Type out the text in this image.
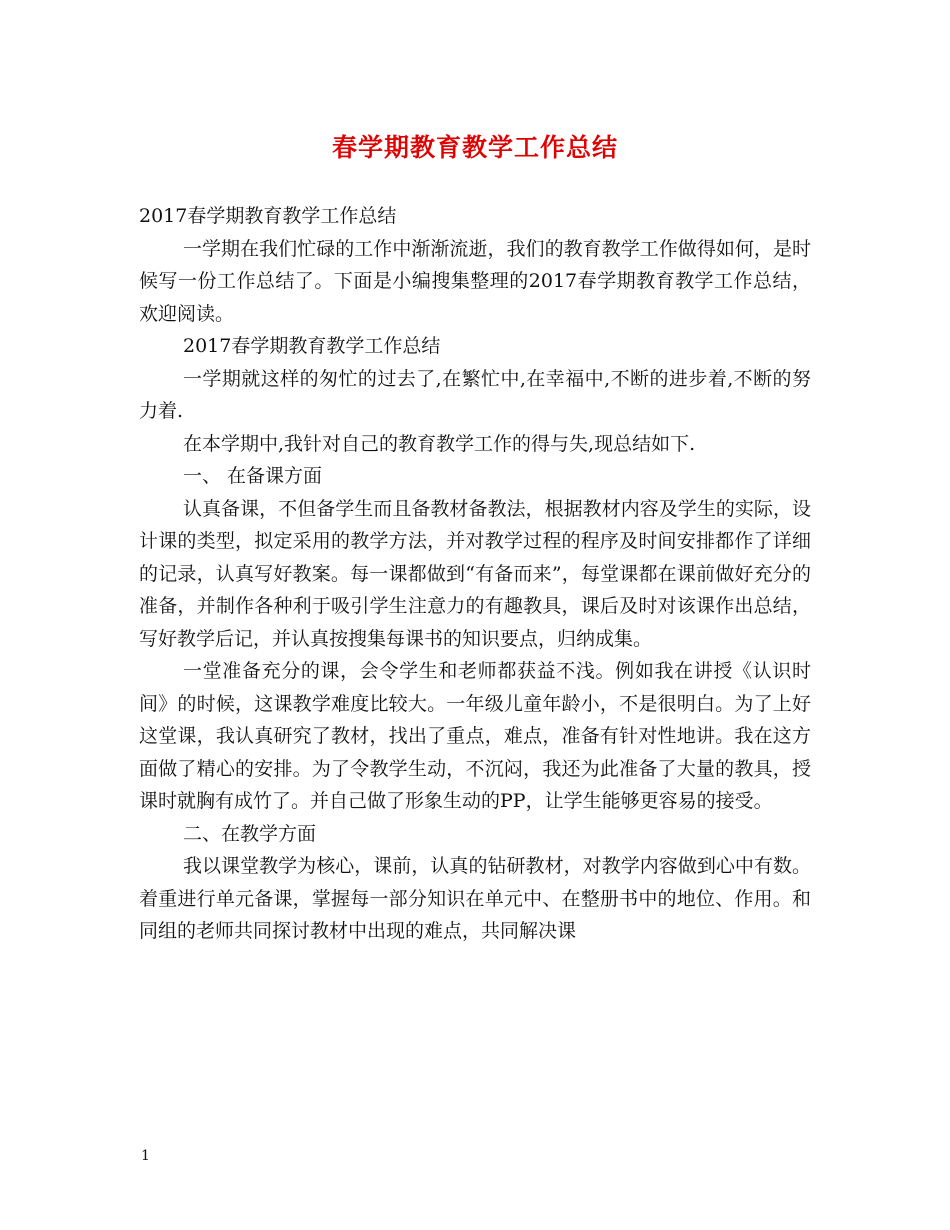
春学期教育教学工作总结

2017春学期教育教学工作总结

一学期在我们忙碌的工作中渐渐流逝，我们的教育教学工作做得如何，是时候写一份工作总结了。下面是小编搜集整理的2017春学期教育教学工作总结，欢迎阅读。

2017春学期教育教学工作总结

一学期就这样的匆忙的过去了,在繁忙中,在幸福中,不断的进步着,不断的努力着.

在本学期中,我针对自己的教育教学工作的得与失,现总结如下.

一、 在备课方面

认真备课，不但备学生而且备教材备教法，根据教材内容及学生的实际，设计课的类型，拟定采用的教学方法，并对教学过程的程序及时间安排都作了详细的记录，认真写好教案。每一课都做到“有备而来”，每堂课都在课前做好充分的准备，并制作各种利于吸引学生注意力的有趣教具，课后及时对该课作出总结，写好教学后记，并认真按搜集每课书的知识要点，归纳成集。

一堂准备充分的课，会令学生和老师都获益不浅。例如我在讲授《认识时间》的时候，这课教学难度比较大。一年级儿童年龄小，不是很明白。为了上好这堂课，我认真研究了教材，找出了重点，难点，准备有针对性地讲。我在这方面做了精心的安排。为了令教学生动，不沉闷，我还为此准备了大量的教具，授课时就胸有成竹了。并自己做了形象生动的PP，让学生能够更容易的接受。

二、在教学方面

我以课堂教学为核心，课前，认真的钻研教材，对教学内容做到心中有数。着重进行单元备课，掌握每一部分知识在单元中、在整册书中的地位、作用。和同组的老师共同探讨教材中出现的难点，共同解决课

1
